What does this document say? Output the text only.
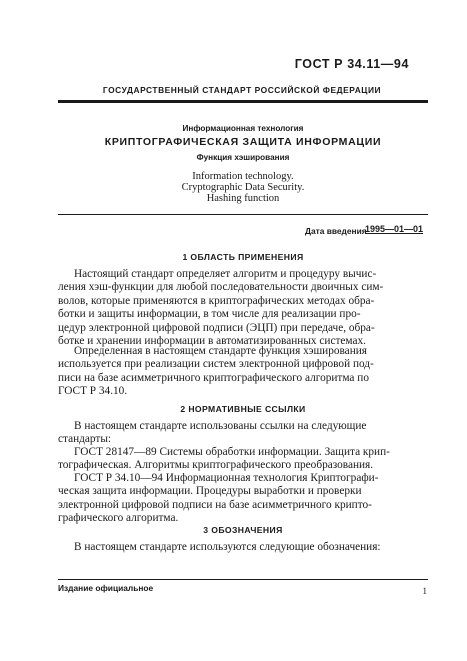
ГОСТ Р 34.11—94
ГОСУДАРСТВЕННЫЙ СТАНДАРТ РОССИЙСКОЙ ФЕДЕРАЦИИ
Информационная технология
КРИПТОГРАФИЧЕСКАЯ ЗАЩИТА ИНФОРМАЦИИ
Функция хэширования
Information technology.
Cryptographic Data Security.
Hashing function
Дата введения
1995—01—01
1 ОБЛАСТЬ ПРИМЕНЕНИЯ
Настоящий стандарт определяет алгоритм и процедуру вычис-
ления хэш-функции для любой последовательности двоичных сим-
волов, которые применяются в криптографических методах обра-
ботки и защиты информации, в том числе для реализации про-
цедур электронной цифровой подписи (ЭЦП) при передаче, обра-
ботке и хранении информации в автоматизированных системах.
Определенная в настоящем стандарте функция хэширования
используется при реализации систем электронной цифровой под-
писи на базе асимметричного криптографического алгоритма по
ГОСТ Р 34.10.
2 НОРМАТИВНЫЕ ССЫЛКИ
В настоящем стандарте использованы ссылки на следующие
стандарты:
ГОСТ 28147—89 Системы обработки информации. Защита крип-
тографическая. Алгоритмы криптографического преобразования.
ГОСТ Р 34.10—94 Информационная технология Криптографи-
ческая защита информации. Процедуры выработки и проверки
электронной цифровой подписи на базе асимметричного крипто-
графического алгоритма.
3 ОБОЗНАЧЕНИЯ
В настоящем стандарте используются следующие обозначения:
Издание официальное	1
